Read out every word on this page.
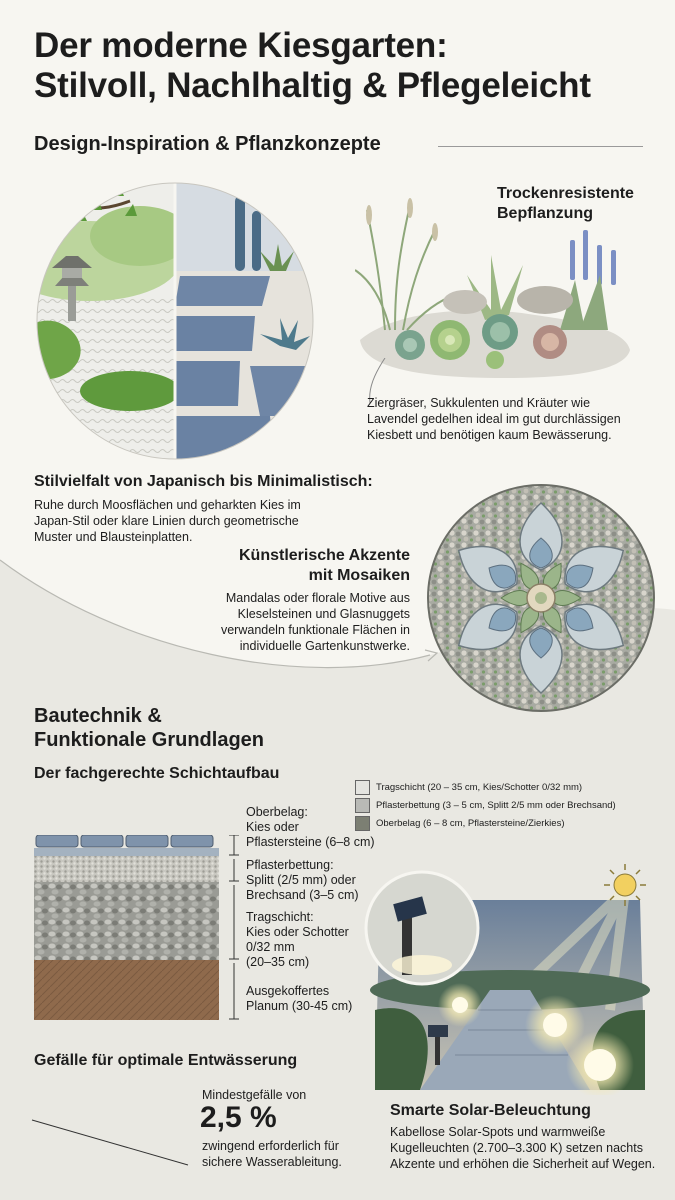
Der moderne Kiesgarten:
Stilvoll, Nachlhaltig & Pflegeleicht
Design-Inspiration & Pflanzkonzepte
Trockenresistente
Bepflanzung
Ziergräser, Sukkulenten und Kräuter wie
Lavendel gedelhen ideal im gut durchlässigen
Kiesbett und benötigen kaum Bewässerung.
Stilvielfalt von Japanisch bis Minimalistisch:
Ruhe durch Moosflächen und geharkten Kies im
Japan-Stil oder klare Linien durch geometrische
Muster und Blausteinplatten.
Künstlerische Akzente
mit Mosaiken
Mandalas oder florale Motive aus
Kleselsteinen und Glasnuggets
verwandeln funktionale Flächen in
individuelle Gartenkunstwerke.
Bautechnik &
Funktionale Grundlagen
Der fachgerechte Schichtaufbau
Tragschicht (20 – 35 cm, Kies/Schotter 0/32 mm)
Pflasterbettung (3 – 5 cm, Splitt 2/5 mm oder Brechsand)
Oberbelag (6 – 8 cm, Pflastersteine/Zierkies)
Oberbelag:
Kies oder
Pflastersteine (6–8 cm)
Pflasterbettung:
Splitt (2/5 mm) oder
Brechsand (3–5 cm)
Tragschicht:
Kies oder Schotter
0/32 mm
(20–35 cm)
Ausgekoffertes
Planum (30-45 cm)
Gefälle für optimale Entwässerung
Mindestgefälle von
2,5 %
zwingend erforderlich für
sichere Wasserableitung.
Smarte Solar-Beleuchtung
Kabellose Solar-Spots und warmweiße
Kugelleuchten (2.700–3.300 K) setzen nachts
Akzente und erhöhen die Sicherheit auf Wegen.
